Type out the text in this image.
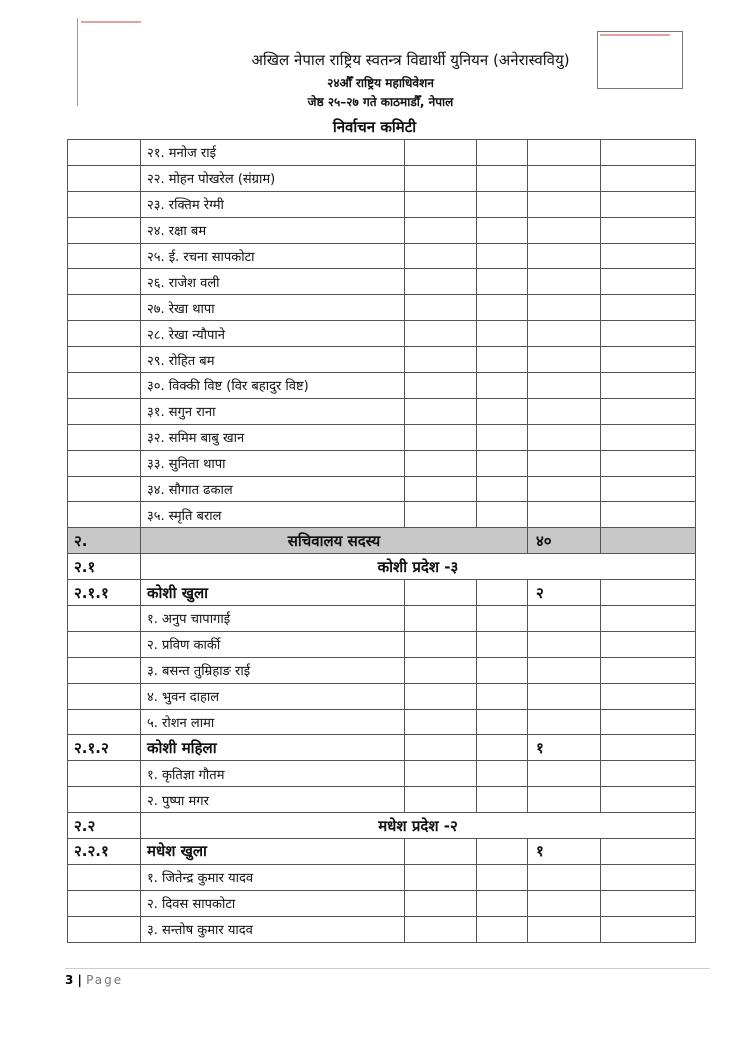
अखिल नेपाल राष्ट्रिय स्वतन्त्र विद्यार्थी युनियन (अनेरास्ववियु)
२४औँ राष्ट्रिय महाधिवेशन
जेष्ठ २५–२७ गते काठमाडौँ, नेपाल
निर्वाचन कमिटी
	२१. मनोज राई				
	२२. मोहन पोखरेल (संग्राम)				
	२३. रक्तिम रेग्मी				
	२४. रक्षा बम				
	२५. ई. रचना सापकोटा				
	२६. राजेश वली				
	२७. रेखा थापा				
	२८. रेखा न्यौपाने				
	२९. रोहित बम				
	३०. विक्की विष्ट (विर बहादुर विष्ट)				
	३१. सगुन राना				
	३२. समिम बाबु खान				
	३३. सुनिता थापा				
	३४. सौगात ढकाल				
	३५. स्मृति बराल				
२.	सचिवालय सदस्य			४०	
२.१	कोशी प्रदेश -३				
२.१.१	कोशी खुला			२	
	१. अनुप चापागाई				
	२. प्रविण कार्की				
	३. बसन्त तुम्रिहाङ राई				
	४. भुवन दाहाल				
	५. रोशन लामा				
२.१.२	कोशी महिला			१	
	१. कृतिज्ञा गौतम				
	२. पुष्पा मगर				
२.२	मधेश प्रदेश -२				
२.२.१	मधेश खुला			१	
	१. जितेन्द्र कुमार यादव				
	२. दिवस सापकोटा				
	३. सन्तोष कुमार यादव				
3 | Page
